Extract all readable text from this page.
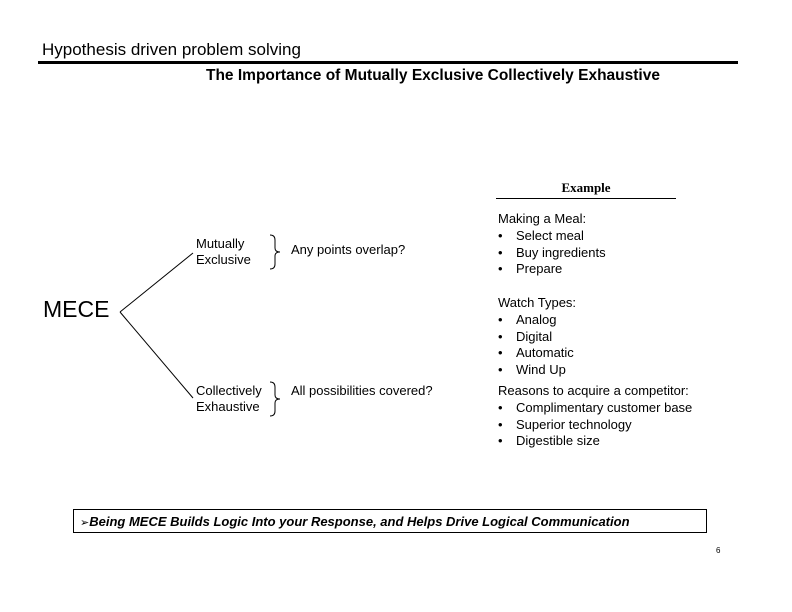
Hypothesis driven problem solving
The Importance of Mutually Exclusive Collectively Exhaustive
MECE
Mutually
Exclusive
Any points overlap?
Collectively
Exhaustive
All possibilities covered?
Example
Making a Meal:
• Select meal
• Buy ingredients
• Prepare
Watch Types:
• Analog
• Digital
• Automatic
• Wind Up
Reasons to acquire a competitor:
• Complimentary customer base
• Superior technology
• Digestible size
➢Being MECE Builds Logic Into your Response, and Helps Drive Logical Communication
6
